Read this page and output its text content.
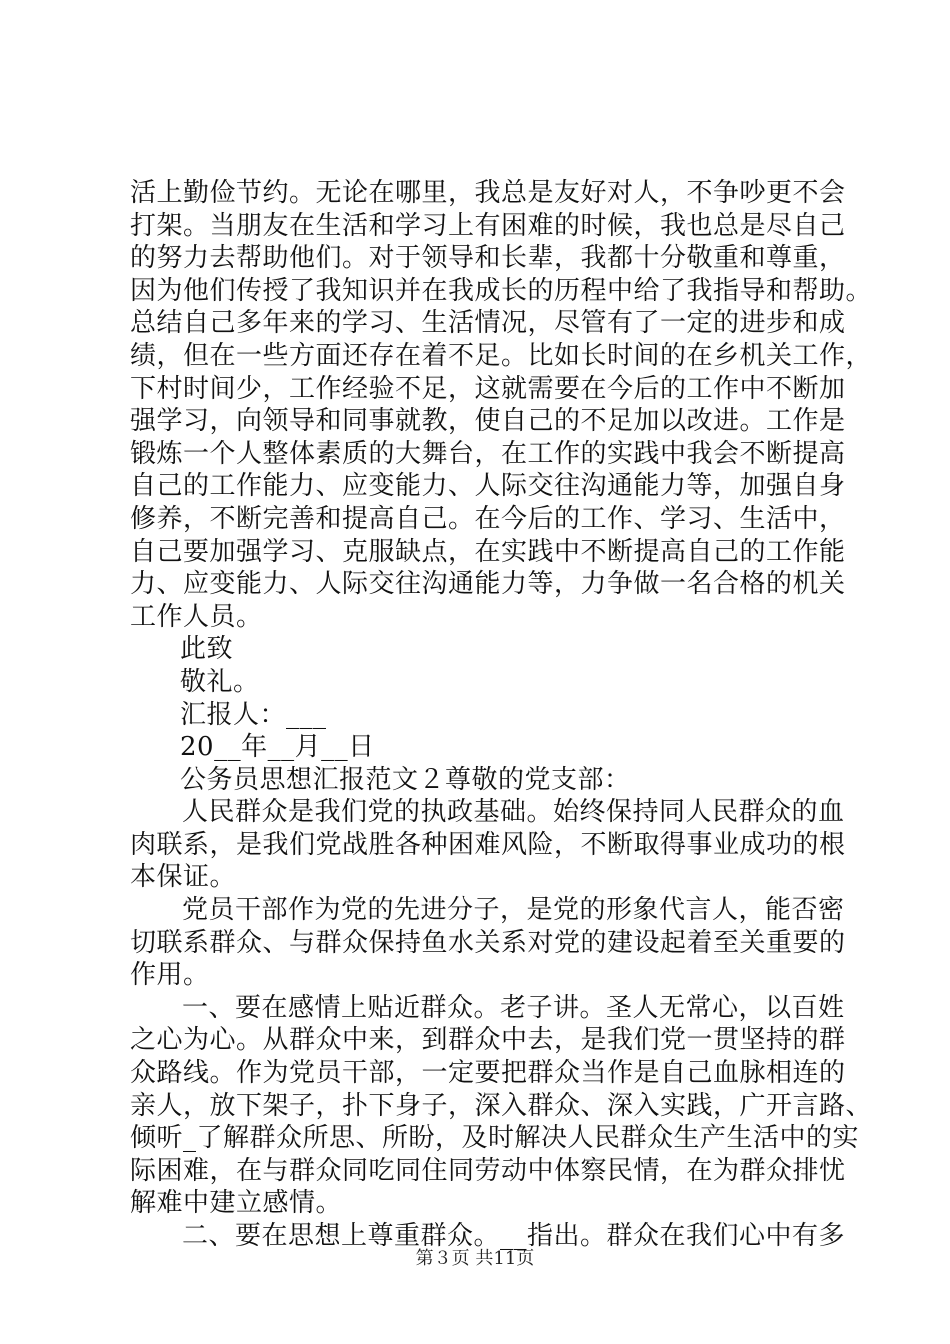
活上勤俭节约。无论在哪里，我总是友好对人，不争吵更不会
打架。当朋友在生活和学习上有困难的时候，我也总是尽自己
的努力去帮助他们。对于领导和长辈，我都十分敬重和尊重，
因为他们传授了我知识并在我成长的历程中给了我指导和帮助。
总结自己多年来的学习、生活情况，尽管有了一定的进步和成
绩，但在一些方面还存在着不足。比如长时间的在乡机关工作，
下村时间少，工作经验不足，这就需要在今后的工作中不断加
强学习，向领导和同事就教，使自己的不足加以改进。工作是
锻炼一个人整体素质的大舞台，在工作的实践中我会不断提高
自己的工作能力、应变能力、人际交往沟通能力等，加强自身
修养，不断完善和提高自己。在今后的工作、学习、生活中，
自己要加强学习、克服缺点，在实践中不断提高自己的工作能
力、应变能力、人际交往沟通能力等，力争做一名合格的机关
工作人员。
此致
敬礼。
汇报人：___
20__年__月__日
公务员思想汇报范文２尊敬的党支部：
人民群众是我们党的执政基础。始终保持同人民群众的血
肉联系，是我们党战胜各种困难风险，不断取得事业成功的根
本保证。
党员干部作为党的先进分子，是党的形象代言人，能否密
切联系群众、与群众保持鱼水关系对党的建设起着至关重要的
作用。
一、要在感情上贴近群众。老子讲。圣人无常心，以百姓
之心为心。从群众中来，到群众中去，是我们党一贯坚持的群
众路线。作为党员干部，一定要把群众当作是自己血脉相连的
亲人，放下架子，扑下身子，深入群众、深入实践，广开言路、
倾听_了解群众所思、所盼，及时解决人民群众生产生活中的实
际困难，在与群众同吃同住同劳动中体察民情，在为群众排忧
解难中建立感情。
二、要在思想上尊重群众。__指出。群众在我们心中有多
第３页 共11页
